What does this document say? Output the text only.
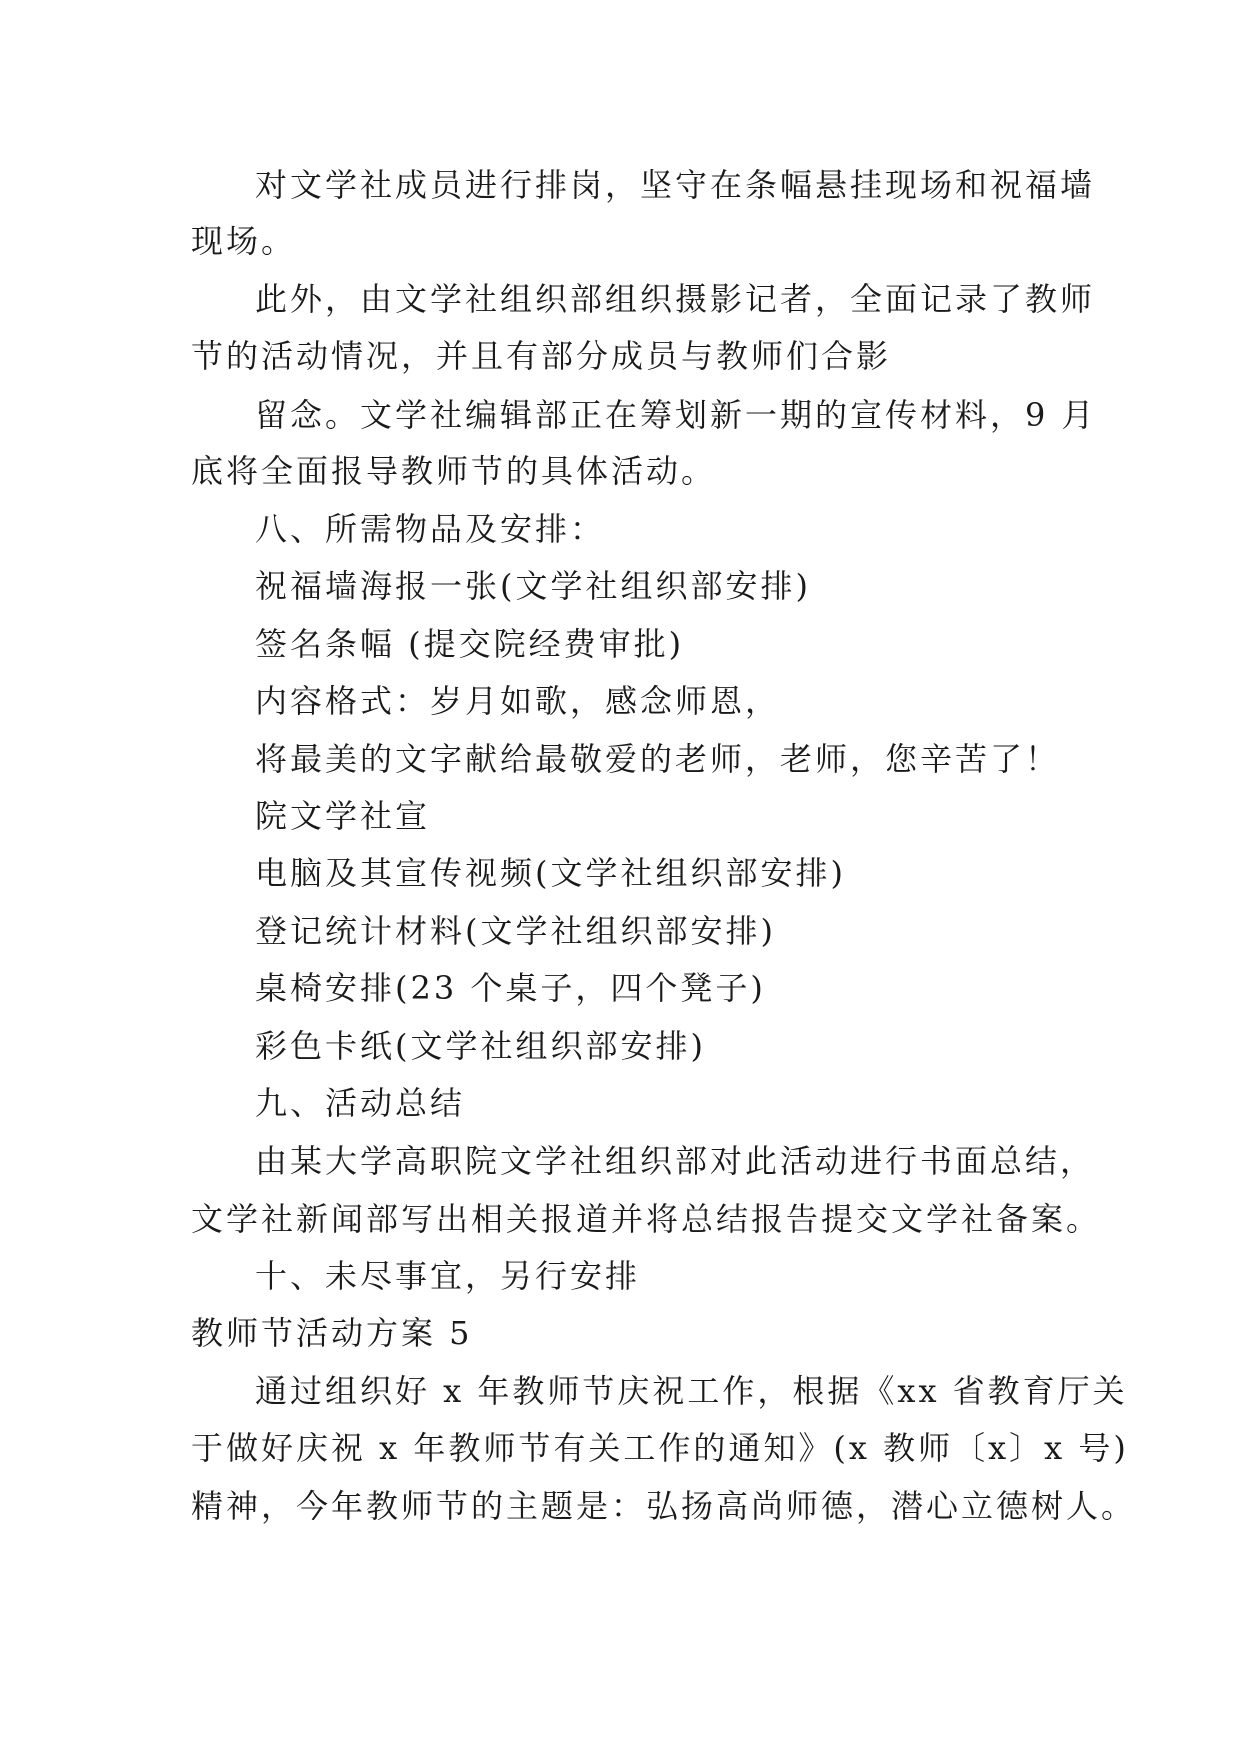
对文学社成员进行排岗，坚守在条幅悬挂现场和祝福墙
现场。
此外，由文学社组织部组织摄影记者，全面记录了教师
节的活动情况，并且有部分成员与教师们合影
留念。文学社编辑部正在筹划新一期的宣传材料，9 月
底将全面报导教师节的具体活动。
八、所需物品及安排：
祝福墙海报一张(文学社组织部安排)
签名条幅 (提交院经费审批)
内容格式：岁月如歌，感念师恩，
将最美的文字献给最敬爱的老师，老师，您辛苦了！
院文学社宣
电脑及其宣传视频(文学社组织部安排)
登记统计材料(文学社组织部安排)
桌椅安排(23 个桌子，四个凳子)
彩色卡纸(文学社组织部安排)
九、活动总结
由某大学高职院文学社组织部对此活动进行书面总结，
文学社新闻部写出相关报道并将总结报告提交文学社备案。
十、未尽事宜，另行安排
教师节活动方案 5
通过组织好 x 年教师节庆祝工作，根据《xx 省教育厅关
于做好庆祝 x 年教师节有关工作的通知》(x 教师〔x〕x 号)
精神，今年教师节的主题是：弘扬高尚师德，潜心立德树人。
